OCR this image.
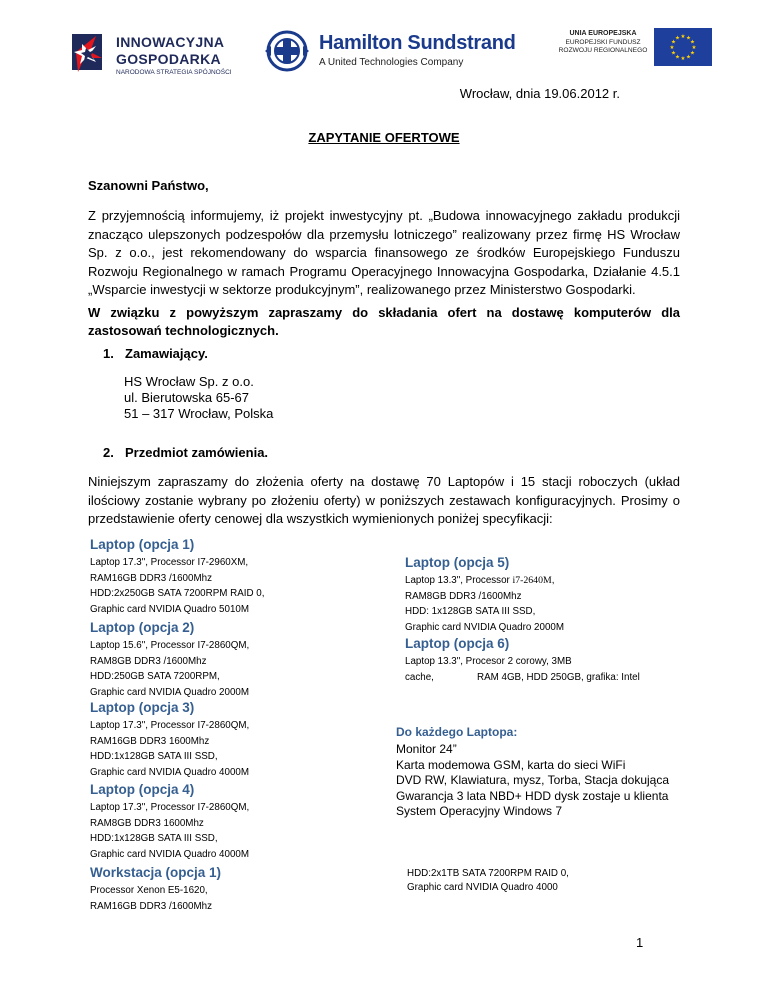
INNOWACYJNA
GOSPODARKA
NARODOWA STRATEGIA SPÓJNOŚCI
Hamilton Sundstrand
A United Technologies Company
UNIA EUROPEJSKA
EUROPEJSKI FUNDUSZ
ROZWOJU REGIONALNEGO
★ ★
★
★
★
★
★
★
★
★
★
★
Wrocław, dnia 19.06.2012 r.
ZAPYTANIE OFERTOWE
Szanowni Państwo,
Z przyjemnością informujemy, iż projekt inwestycyjny pt. „Budowa innowacyjnego zakładu produkcji znacząco ulepszonych podzespołów dla przemysłu lotniczego” realizowany przez firmę HS Wrocław Sp. z o.o., jest rekomendowany do wsparcia finansowego ze środków Europejskiego Funduszu Rozwoju Regionalnego w ramach Programu Operacyjnego Innowacyjna Gospodarka, Działanie 4.5.1 „Wsparcie inwestycji w sektorze produkcyjnym”, realizowanego przez Ministerstwo Gospodarki.
W związku z powyższym zapraszamy do składania ofert na dostawę komputerów dla zastosowań technologicznych.
1. Zamawiający.
HS Wrocław Sp. z o.o.
ul. Bierutowska 65-67
51 – 317 Wrocław, Polska
2. Przedmiot zamówienia.
Niniejszym zapraszamy do złożenia oferty na dostawę 70 Laptopów i 15 stacji roboczych (układ ilościowy zostanie wybrany po złożeniu oferty) w poniższych zestawach konfiguracyjnych. Prosimy o przedstawienie oferty cenowej dla wszystkich wymienionych poniżej specyfikacji:
Laptop (opcja 1)
Laptop 17.3", Processor I7-2960XM,
RAM16GB DDR3 /1600Mhz
HDD:2x250GB SATA 7200RPM RAID 0,
Graphic card NVIDIA Quadro 5010M
Laptop (opcja 2)
Laptop 15.6", Processor I7-2860QM,
RAM8GB DDR3 /1600Mhz
HDD:250GB SATA 7200RPM,
Graphic card NVIDIA Quadro 2000M
Laptop (opcja 3)
Laptop 17.3", Processor I7-2860QM,
RAM16GB DDR3 1600Mhz
HDD:1x128GB SATA III SSD,
Graphic card NVIDIA Quadro 4000M
Laptop (opcja 4)
Laptop 17.3", Processor I7-2860QM,
RAM8GB DDR3 1600Mhz
HDD:1x128GB SATA III SSD,
Graphic card NVIDIA Quadro 4000M
Workstacja (opcja 1)
Processor Xenon E5-1620,
RAM16GB DDR3 /1600Mhz
Laptop (opcja 5)
Laptop 13.3", Processor i7-2640M,
RAM8GB DDR3 /1600Mhz
HDD: 1x128GB SATA III SSD,
Graphic card NVIDIA Quadro 2000M
Laptop (opcja 6)
Laptop 13.3", Procesor 2 corowy, 3MB
cache,	RAM 4GB, HDD 250GB, grafika: Intel
Do każdego Laptopa:
Monitor 24”
Karta modemowa GSM, karta do sieci WiFi
DVD RW, Klawiatura, mysz, Torba, Stacja dokująca
Gwarancja 3 lata NBD+ HDD dysk zostaje u klienta
System Operacyjny Windows 7
HDD:2x1TB SATA 7200RPM RAID 0,
Graphic card NVIDIA Quadro 4000
1
